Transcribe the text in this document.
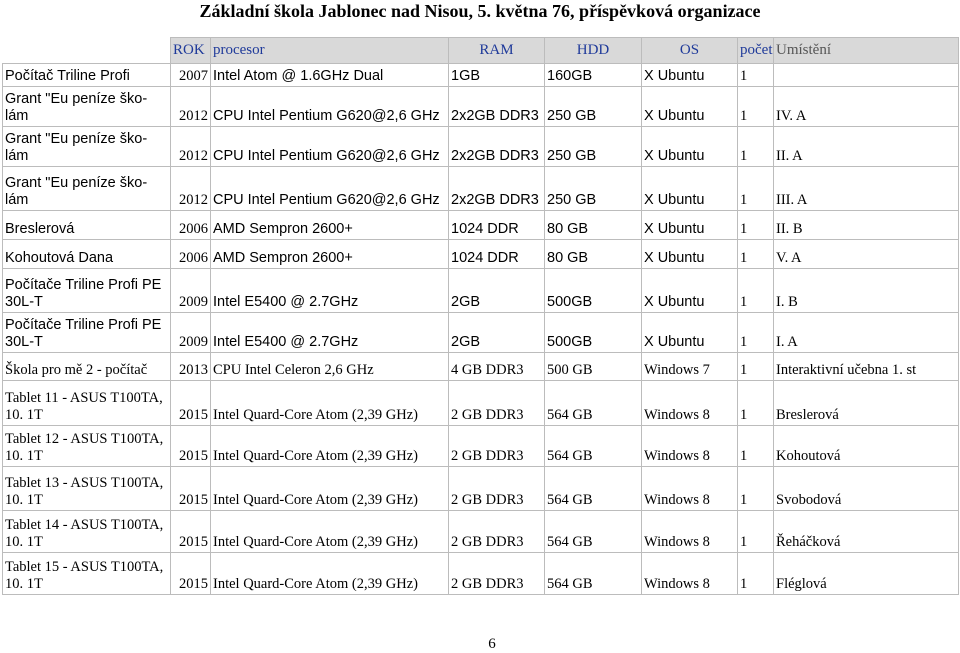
Základní škola Jablonec nad Nisou, 5. května 76, příspěvková organizace
	ROK	procesor	RAM	HDD	OS	počet	Umístění
Počítač Triline Profi	2007	Intel Atom @ 1.6GHz Dual	1GB	160GB	X Ubuntu	1	
Grant "Eu peníze ško-lám	2012	CPU Intel Pentium G620@2,6 GHz	2x2GB DDR3	250 GB	X Ubuntu	1	IV. A
Grant "Eu peníze ško-lám	2012	CPU Intel Pentium G620@2,6 GHz	2x2GB DDR3	250 GB	X Ubuntu	1	II. A
Grant "Eu peníze ško-lám	2012	CPU Intel Pentium G620@2,6 GHz	2x2GB DDR3	250 GB	X Ubuntu	1	III. A
Breslerová	2006	AMD Sempron 2600+	1024 DDR	80 GB	X Ubuntu	1	II. B
Kohoutová Dana	2006	AMD Sempron 2600+	1024 DDR	80 GB	X Ubuntu	1	V. A
Počítače Triline Profi PE 30L-T	2009	Intel E5400 @ 2.7GHz	2GB	500GB	X Ubuntu	1	I. B
Počítače Triline Profi PE 30L-T	2009	Intel E5400 @ 2.7GHz	2GB	500GB	X Ubuntu	1	I. A
Škola pro mě 2 - počítač	2013	CPU Intel Celeron 2,6 GHz	4 GB DDR3	500 GB	Windows 7	1	Interaktivní učebna 1. st
Tablet 11 - ASUS T100TA, 10. 1T	2015	Intel Quard-Core Atom (2,39 GHz)	2 GB DDR3	564 GB	Windows 8	1	Breslerová
Tablet 12 - ASUS T100TA, 10. 1T	2015	Intel Quard-Core Atom (2,39 GHz)	2 GB DDR3	564 GB	Windows 8	1	Kohoutová
Tablet 13 - ASUS T100TA, 10. 1T	2015	Intel Quard-Core Atom (2,39 GHz)	2 GB DDR3	564 GB	Windows 8	1	Svobodová
Tablet 14 - ASUS T100TA, 10. 1T	2015	Intel Quard-Core Atom (2,39 GHz)	2 GB DDR3	564 GB	Windows 8	1	Řeháčková
Tablet 15 - ASUS T100TA, 10. 1T	2015	Intel Quard-Core Atom (2,39 GHz)	2 GB DDR3	564 GB	Windows 8	1	Fléglová
6
